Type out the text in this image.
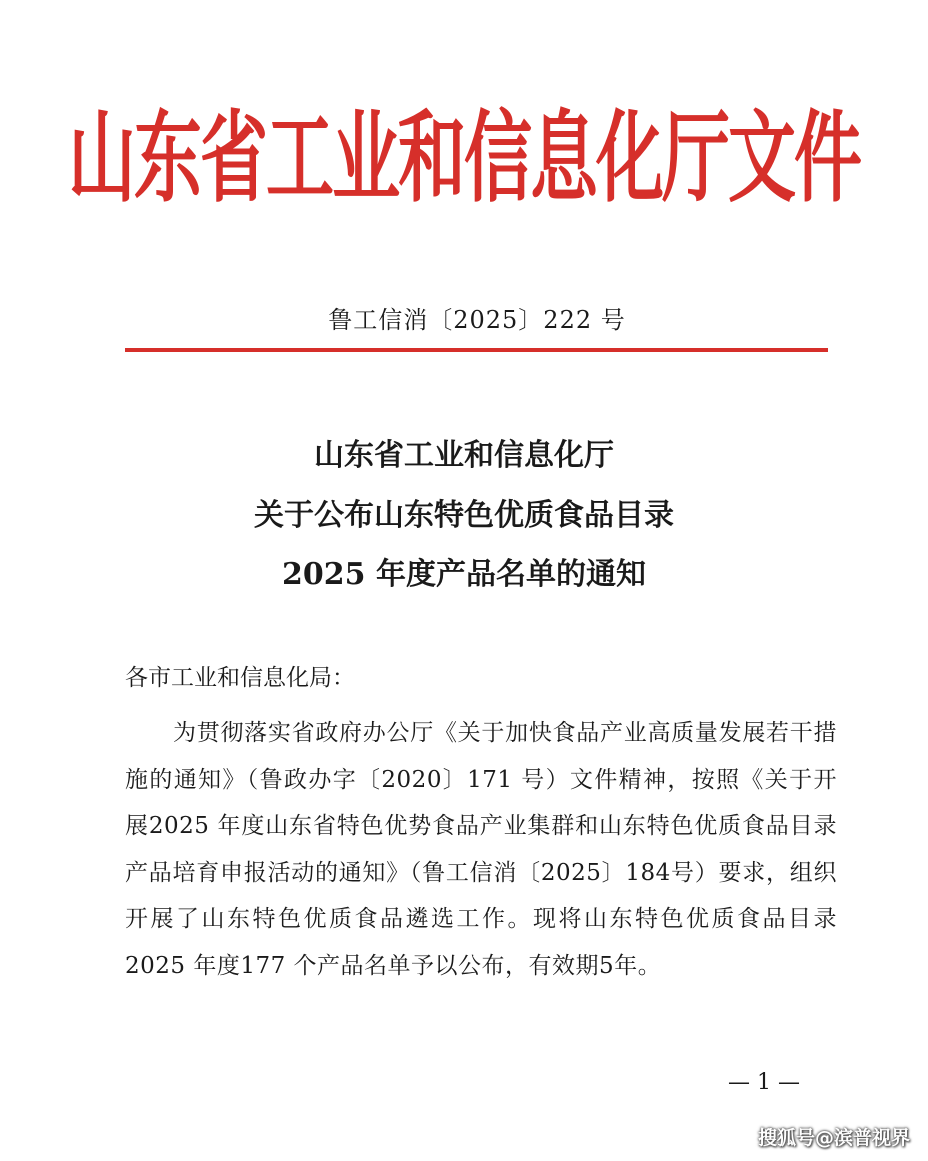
山东省工业和信息化厅文件
鲁工信消〔2025〕222 号
山东省工业和信息化厅
关于公布山东特色优质食品目录
2025 年度产品名单的通知
各市工业和信息化局：
为贯彻落实省政府办公厅《关于加快食品产业高质量发展若干措施的通知》（鲁政办字〔2020〕171 号）文件精神，按照《关于开展2025 年度山东省特色优势食品产业集群和山东特色优质食品目录产品培育申报活动的通知》（鲁工信消〔2025〕184号）要求，组织开展了山东特色优质食品遴选工作。现将山东特色优质食品目录2025 年度177 个产品名单予以公布，有效期5年。
— 1 —
搜狐号@滨普视界
